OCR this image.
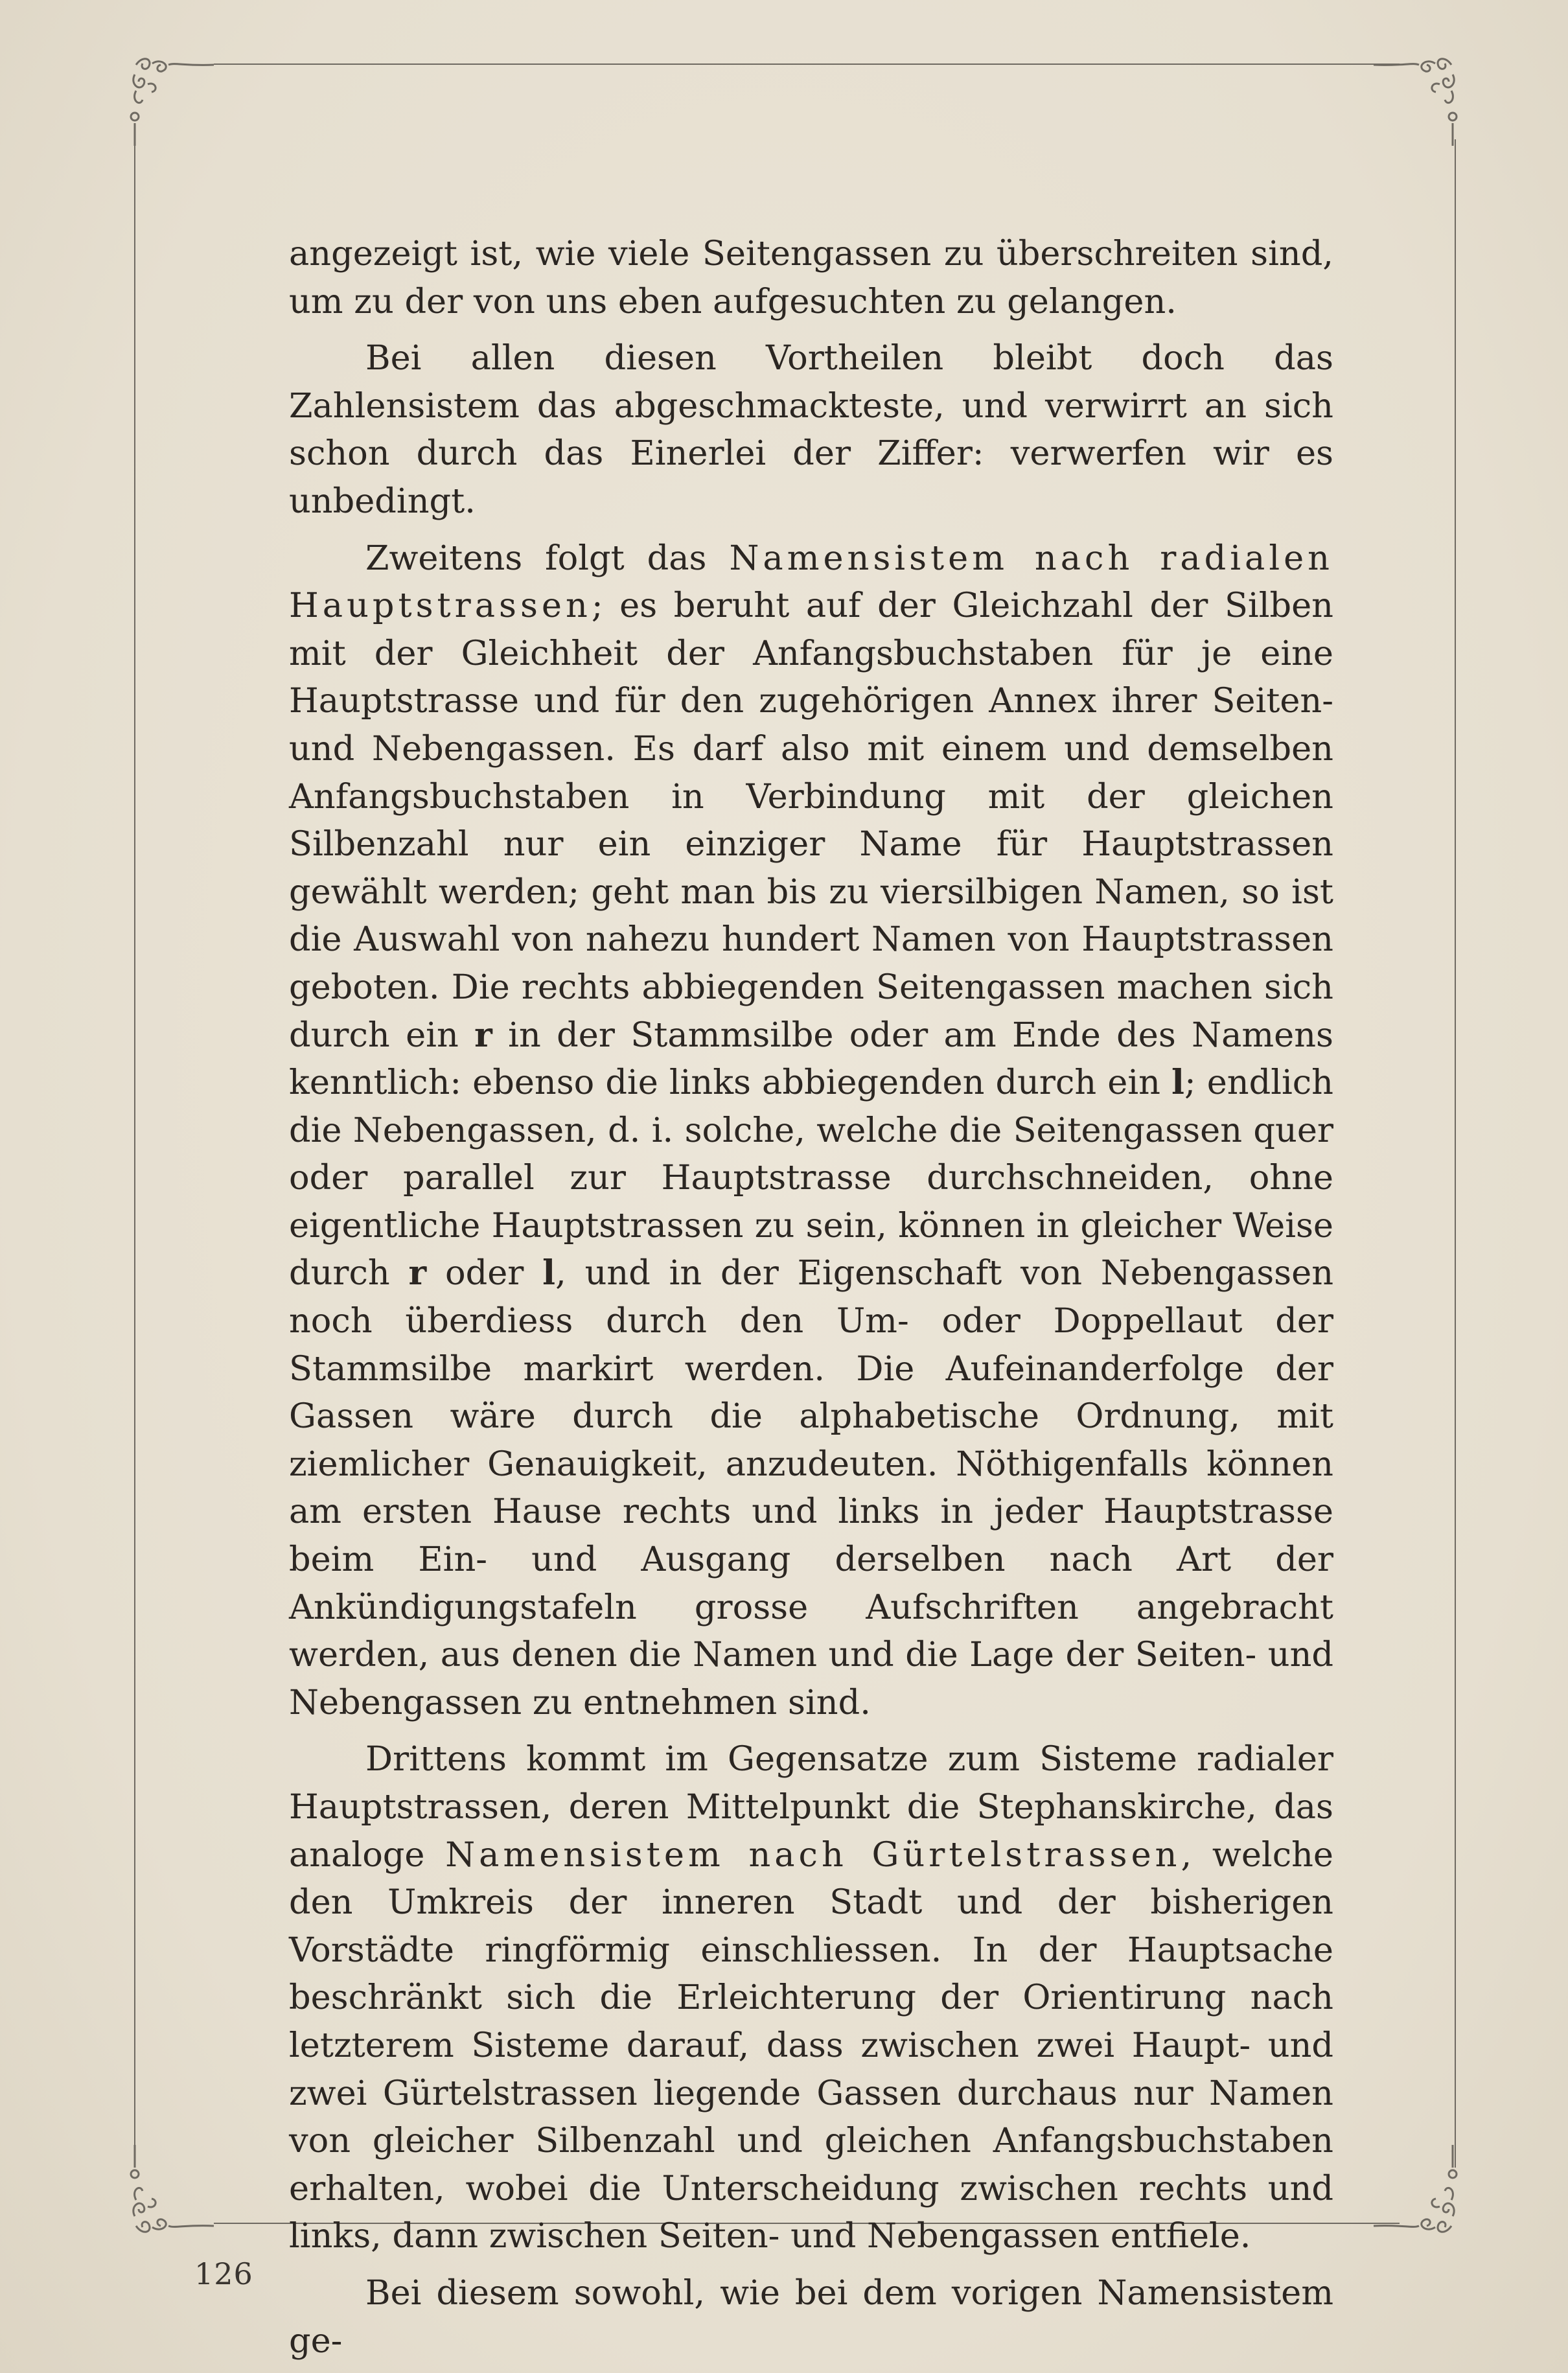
angezeigt ist, wie viele Seitengassen zu überschreiten sind, um zu der von uns eben aufgesuchten zu gelangen.

Bei allen diesen Vortheilen bleibt doch das Zahlensistem das abgeschmackteste, und verwirrt an sich schon durch das Einerlei der Ziffer: verwerfen wir es unbedingt.

Zweitens folgt das Namensistem nach radialen Hauptstrassen; es beruht auf der Gleichzahl der Silben mit der Gleichheit der Anfangsbuchstaben für je eine Hauptstrasse und für den zugehörigen Annex ihrer Seiten- und Nebengassen. Es darf also mit einem und demselben Anfangsbuchstaben in Verbindung mit der gleichen Silbenzahl nur ein einziger Name für Hauptstrassen gewählt werden; geht man bis zu viersilbigen Namen, so ist die Auswahl von nahezu hundert Namen von Hauptstrassen geboten. Die rechts abbiegenden Seitengassen machen sich durch ein r in der Stammsilbe oder am Ende des Namens kenntlich: ebenso die links abbiegenden durch ein l; endlich die Nebengassen, d. i. solche, welche die Seitengassen quer oder parallel zur Hauptstrasse durchschneiden, ohne eigentliche Hauptstrassen zu sein, können in gleicher Weise durch r oder l, und in der Eigenschaft von Nebengassen noch überdiess durch den Um- oder Doppellaut der Stammsilbe markirt werden. Die Aufeinanderfolge der Gassen wäre durch die alphabetische Ordnung, mit ziemlicher Genauigkeit, anzudeuten. Nöthigenfalls können am ersten Hause rechts und links in jeder Hauptstrasse beim Ein- und Ausgang derselben nach Art der Ankündigungstafeln grosse Aufschriften angebracht werden, aus denen die Namen und die Lage der Seiten- und Nebengassen zu entnehmen sind.

Drittens kommt im Gegensatze zum Sisteme radialer Hauptstrassen, deren Mittelpunkt die Stephanskirche, das analoge Namensistem nach Gürtelstrassen, welche den Umkreis der inneren Stadt und der bisherigen Vorstädte ringförmig einschliessen. In der Hauptsache beschränkt sich die Erleichterung der Orientirung nach letzterem Sisteme darauf, dass zwischen zwei Haupt- und zwei Gürtelstrassen liegende Gassen durchaus nur Namen von gleicher Silbenzahl und gleichen Anfangsbuchstaben erhalten, wobei die Unterscheidung zwischen rechts und links, dann zwischen Seiten- und Nebengassen entfiele.

Bei diesem sowohl, wie bei dem vorigen Namensistem ge-

126
